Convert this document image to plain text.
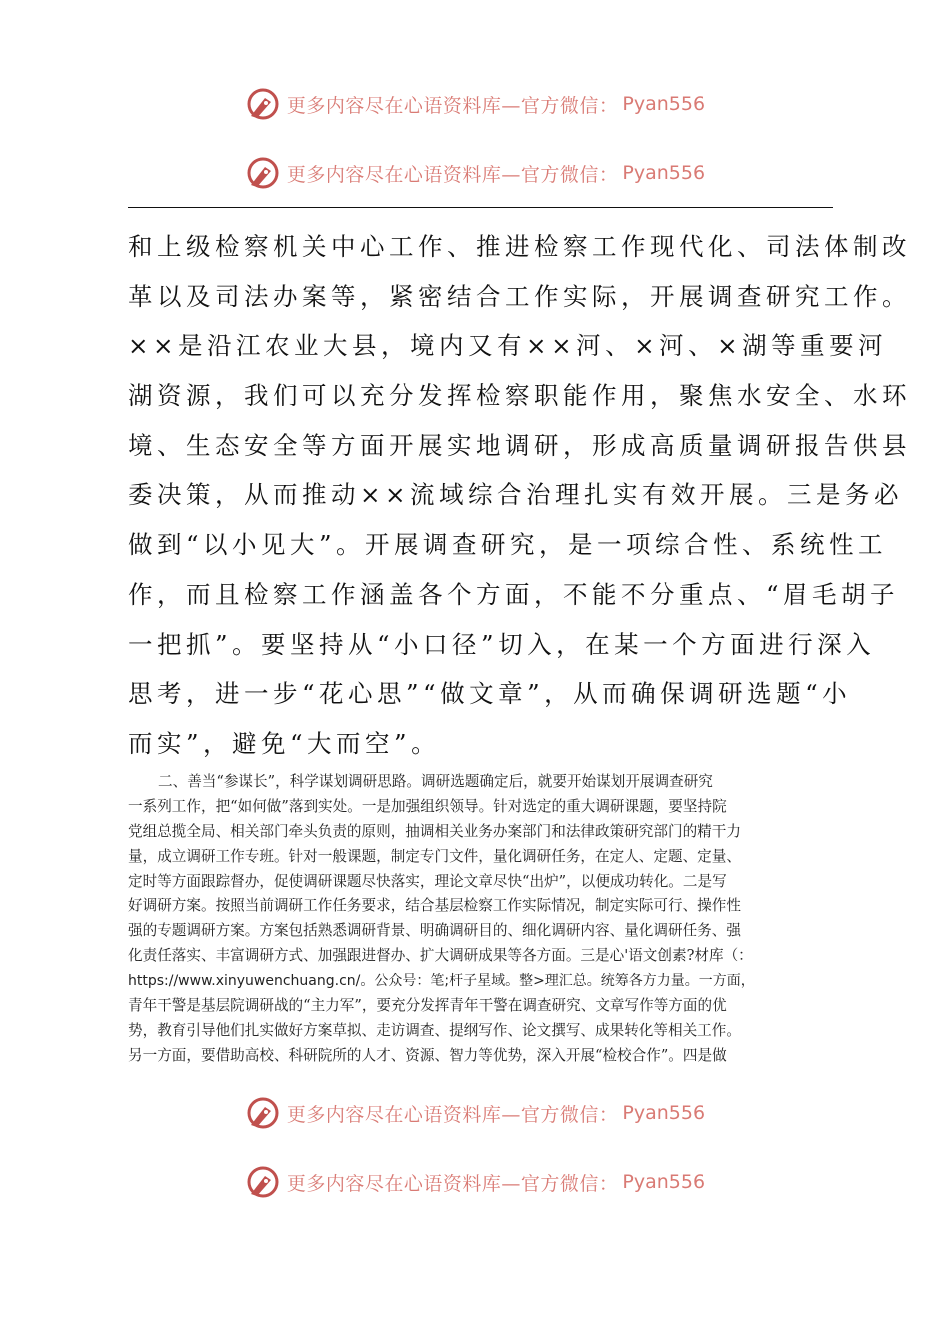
更多内容尽在心语资料库—官方微信： Pyan556
更多内容尽在心语资料库—官方微信： Pyan556
和上级检察机关中心工作、推进检察工作现代化、司法体制改
革以及司法办案等，紧密结合工作实际，开展调查研究工作。
××是沿江农业大县，境内又有××河、×河、×湖等重要河
湖资源，我们可以充分发挥检察职能作用，聚焦水安全、水环
境、生态安全等方面开展实地调研，形成高质量调研报告供县
委决策，从而推动××流域综合治理扎实有效开展。三是务必
做到“以小见大”。开展调查研究，是一项综合性、系统性工
作，而且检察工作涵盖各个方面，不能不分重点、“眉毛胡子
一把抓”。要坚持从“小口径”切入，在某一个方面进行深入
思考，进一步“花心思”“做文章”，从而确保调研选题“小
而实”，避免“大而空”。
二、善当“参谋长”，科学谋划调研思路。调研选题确定后，就要开始谋划开展调查研究
一系列工作，把“如何做”落到实处。一是加强组织领导。针对选定的重大调研课题，要坚持院
党组总揽全局、相关部门牵头负责的原则，抽调相关业务办案部门和法律政策研究部门的精干力
量，成立调研工作专班。针对一般课题，制定专门文件，量化调研任务，在定人、定题、定量、
定时等方面跟踪督办，促使调研课题尽快落实，理论文章尽快“出炉”，以便成功转化。二是写
好调研方案。按照当前调研工作任务要求，结合基层检察工作实际情况，制定实际可行、操作性
强的专题调研方案。方案包括熟悉调研背景、明确调研目的、细化调研内容、量化调研任务、强
化责任落实、丰富调研方式、加强跟进督办、扩大调研成果等各方面。三是心'语文创素?材库（：
https://www.xinyuwenchuang.cn/。公众号：笔;杆子星域。整>理汇总。统筹各方力量。一方面，
青年干警是基层院调研战的“主力军”，要充分发挥青年干警在调查研究、文章写作等方面的优
势，教育引导他们扎实做好方案草拟、走访调查、提纲写作、论文撰写、成果转化等相关工作。
另一方面，要借助高校、科研院所的人才、资源、智力等优势，深入开展“检校合作”。四是做
更多内容尽在心语资料库—官方微信： Pyan556
更多内容尽在心语资料库—官方微信： Pyan556
